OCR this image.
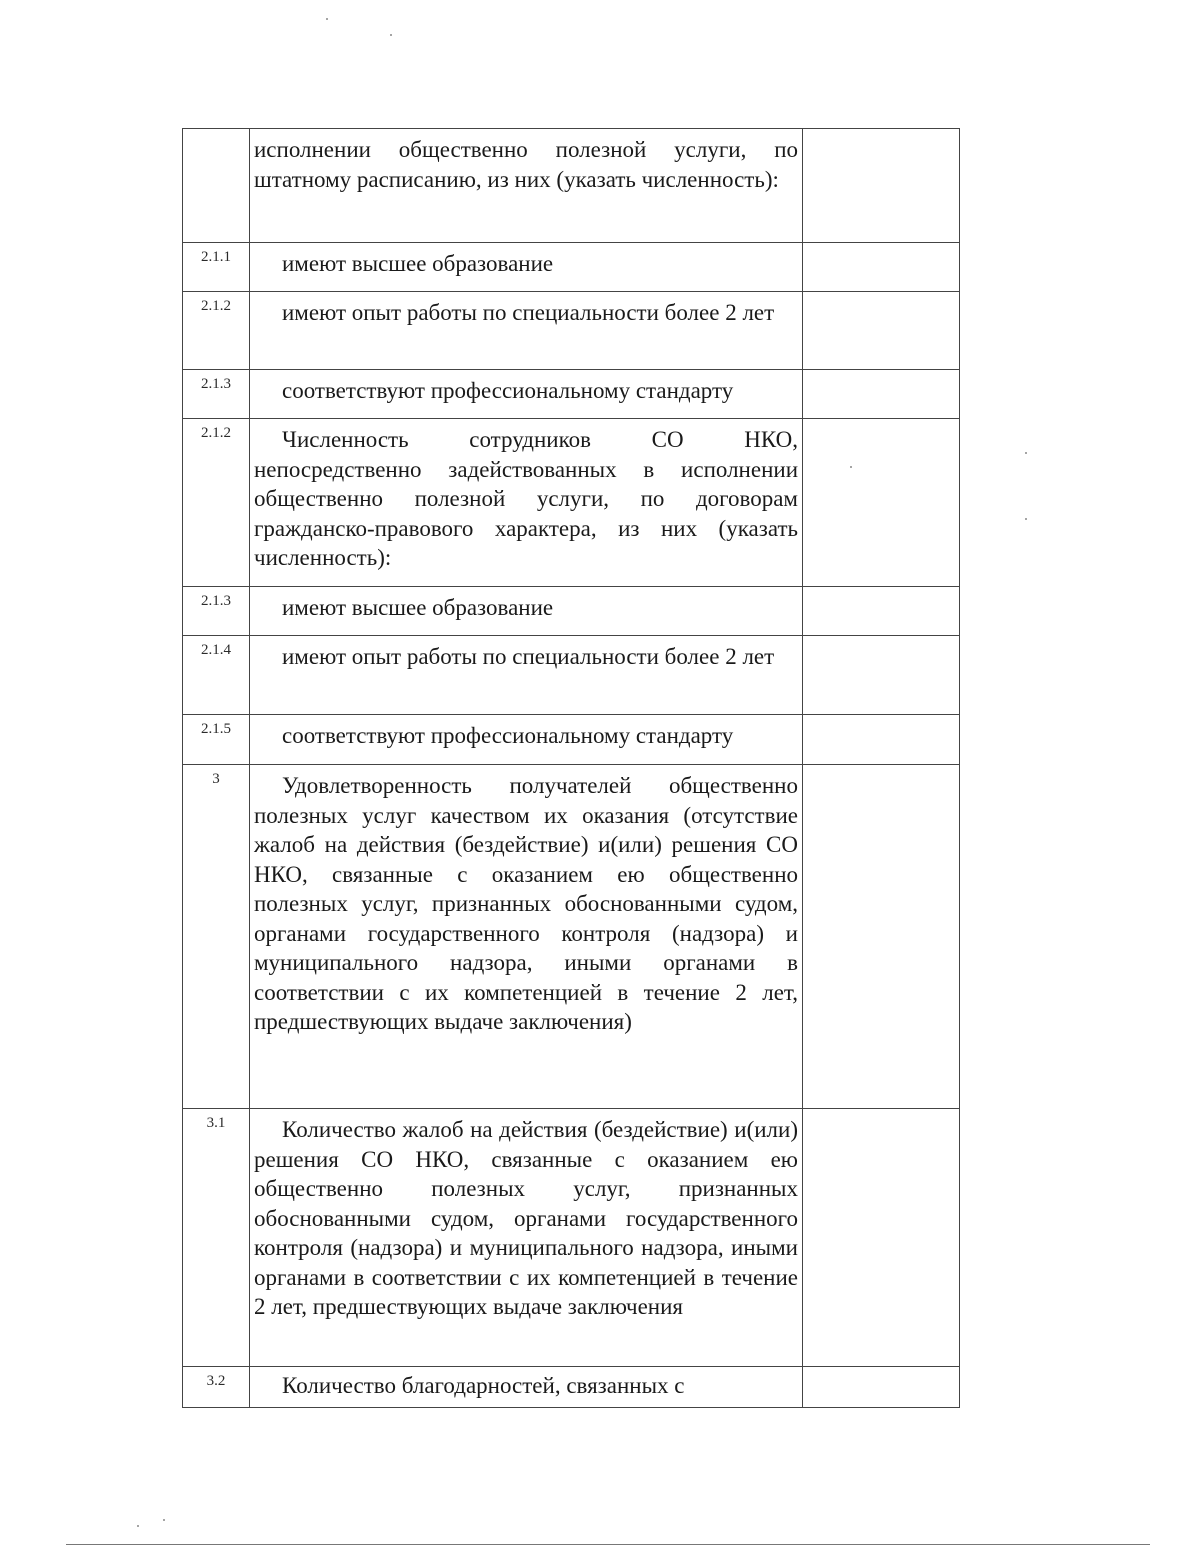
	исполнении общественно полезной услуги, по штатному расписанию, из них (указать численность):	

2.1.1	имеют высшее образование	

2.1.2	имеют опыт работы по специальности более 2 лет	

2.1.3	соответствуют профессиональному стандарту	

2.1.2	Численность сотрудников СО НКО, непосредственно задействованных в исполнении общественно полезной услуги, по договорам гражданско-правового характера, из них (указать численность):	

2.1.3	имеют высшее образование	

2.1.4	имеют опыт работы по специальности более 2 лет	

2.1.5	соответствуют профессиональному стандарту	

3	Удовлетворенность получателей общественно полезных услуг качеством их оказания (отсутствие жалоб на действия (бездействие) и(или) решения СО НКО, связанные с оказанием ею общественно полезных услуг, признанных обоснованными судом, органами государственного контроля (надзора) и муниципального надзора, иными органами в соответствии с их компетенцией в течение 2 лет, предшествующих выдаче заключения)	

3.1	Количество жалоб на действия (бездействие) и(или) решения СО НКО, связанные с оказанием ею общественно полезных услуг, признанных обоснованными судом, органами государственного контроля (надзора) и муниципального надзора, иными органами в соответствии с их компетенцией в течение 2 лет, предшествующих выдаче заключения	

3.2	Количество благодарностей, связанных с	
